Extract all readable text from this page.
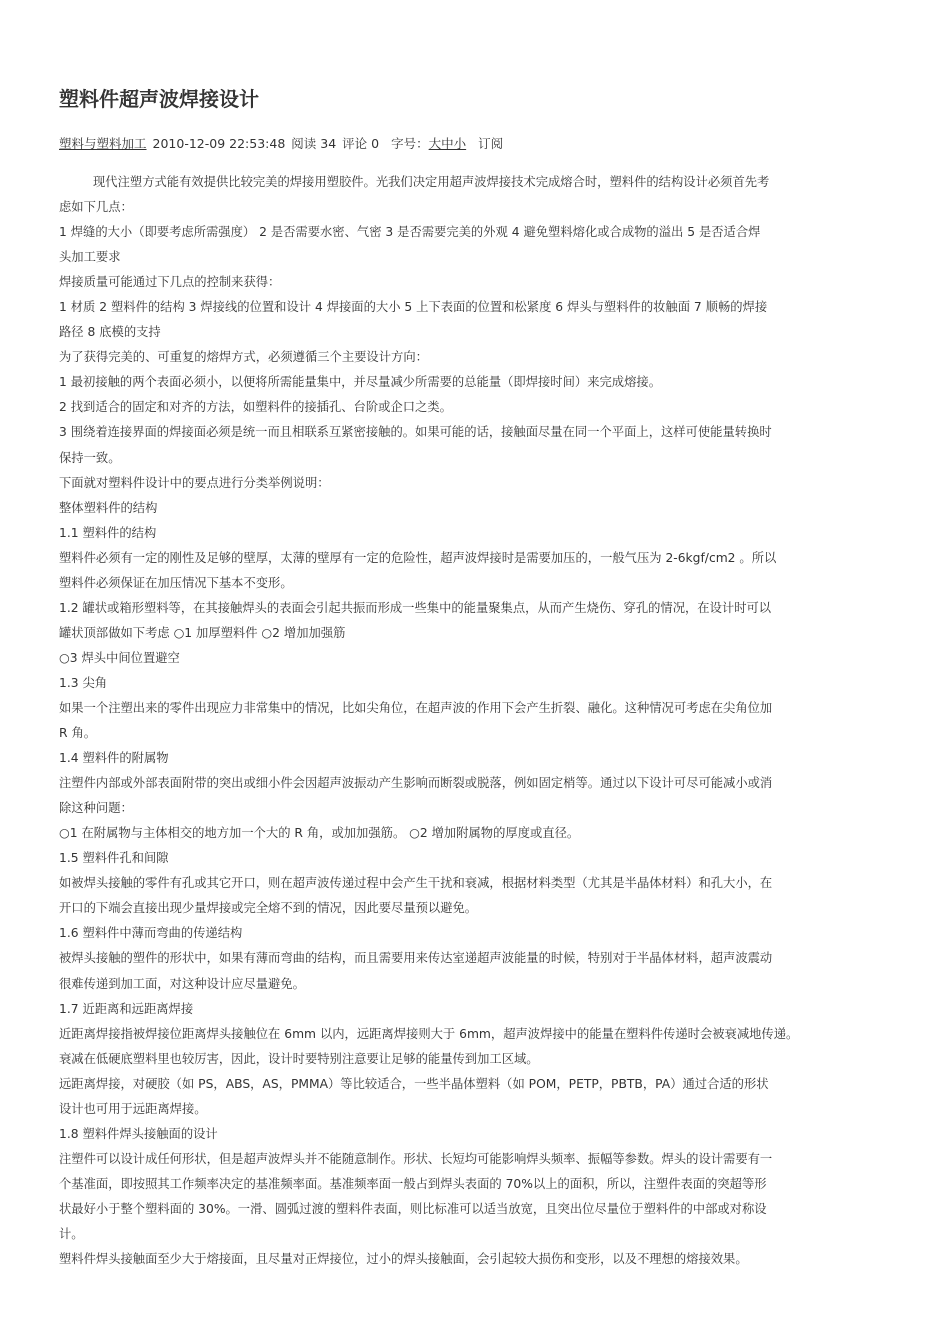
塑料件超声波焊接设计
塑料与塑料加工 2010-12-09 22:53:48 阅读 34 评论 0 字号：大中小 订阅

现代注塑方式能有效提供比较完美的焊接用塑胶件。光我们决定用超声波焊接技术完成熔合时，塑料件的结构设计必须首先考

虑如下几点：

1 焊缝的大小（即要考虑所需强度） 2 是否需要水密、气密 3 是否需要完美的外观 4 避免塑料熔化或合成物的溢出 5 是否适合焊

头加工要求

焊接质量可能通过下几点的控制来获得：

1 材质 2 塑料件的结构 3 焊接线的位置和设计 4 焊接面的大小 5 上下表面的位置和松紧度 6 焊头与塑料件的妆触面 7 顺畅的焊接

路径 8 底模的支持

为了获得完美的、可重复的熔焊方式，必须遵循三个主要设计方向：

1 最初接触的两个表面必须小，以便将所需能量集中，并尽量减少所需要的总能量（即焊接时间）来完成熔接。

2 找到适合的固定和对齐的方法，如塑料件的接插孔、台阶或企口之类。

3 围绕着连接界面的焊接面必须是统一而且相联系互紧密接触的。如果可能的话，接触面尽量在同一个平面上，这样可使能量转换时

保持一致。

下面就对塑料件设计中的要点进行分类举例说明：

整体塑料件的结构

1.1 塑料件的结构

塑料件必须有一定的刚性及足够的壁厚，太薄的壁厚有一定的危险性，超声波焊接时是需要加压的，一般气压为 2-6kgf/cm2 。所以

塑料件必须保证在加压情况下基本不变形。

1.2 罐状或箱形塑料等，在其接触焊头的表面会引起共振而形成一些集中的能量聚集点，从而产生烧伤、穿孔的情况，在设计时可以

罐状顶部做如下考虑 ○1 加厚塑料件 ○2 增加加强筋

○3 焊头中间位置避空

1.3 尖角

如果一个注塑出来的零件出现应力非常集中的情况，比如尖角位，在超声波的作用下会产生折裂、融化。这种情况可考虑在尖角位加

R 角。

1.4 塑料件的附属物

注塑件内部或外部表面附带的突出或细小件会因超声波振动产生影响而断裂或脱落，例如固定梢等。通过以下设计可尽可能减小或消

除这种问题：

○1 在附属物与主体相交的地方加一个大的 R 角，或加加强筋。 ○2 增加附属物的厚度或直径。

1.5 塑料件孔和间隙

如被焊头接触的零件有孔或其它开口，则在超声波传递过程中会产生干扰和衰减，根据材料类型（尤其是半晶体材料）和孔大小，在

开口的下端会直接出现少量焊接或完全熔不到的情况，因此要尽量预以避免。

1.6 塑料件中薄而弯曲的传递结构

被焊头接触的塑件的形状中，如果有薄而弯曲的结构，而且需要用来传达室递超声波能量的时候，特别对于半晶体材料，超声波震动

很难传递到加工面，对这种设计应尽量避免。

1.7 近距离和远距离焊接

近距离焊接指被焊接位距离焊头接触位在 6mm 以内，远距离焊接则大于 6mm，超声波焊接中的能量在塑料件传递时会被衰减地传递。

衰减在低硬底塑料里也较厉害，因此，设计时要特别注意要让足够的能量传到加工区域。

远距离焊接，对硬胶（如 PS，ABS，AS，PMMA）等比较适合，一些半晶体塑料（如 POM，PETP，PBTB，PA）通过合适的形状

设计也可用于远距离焊接。

1.8 塑料件焊头接触面的设计

注塑件可以设计成任何形状，但是超声波焊头并不能随意制作。形状、长短均可能影响焊头频率、振幅等参数。焊头的设计需要有一

个基准面，即按照其工作频率决定的基准频率面。基准频率面一般占到焊头表面的 70%以上的面积，所以，注塑件表面的突超等形

状最好小于整个塑料面的 30%。一滑、圆弧过渡的塑料件表面，则比标准可以适当放宽，且突出位尽量位于塑料件的中部或对称设

计。

塑料件焊头接触面至少大于熔接面，且尽量对正焊接位，过小的焊头接触面，会引起较大损伤和变形，以及不理想的熔接效果。
